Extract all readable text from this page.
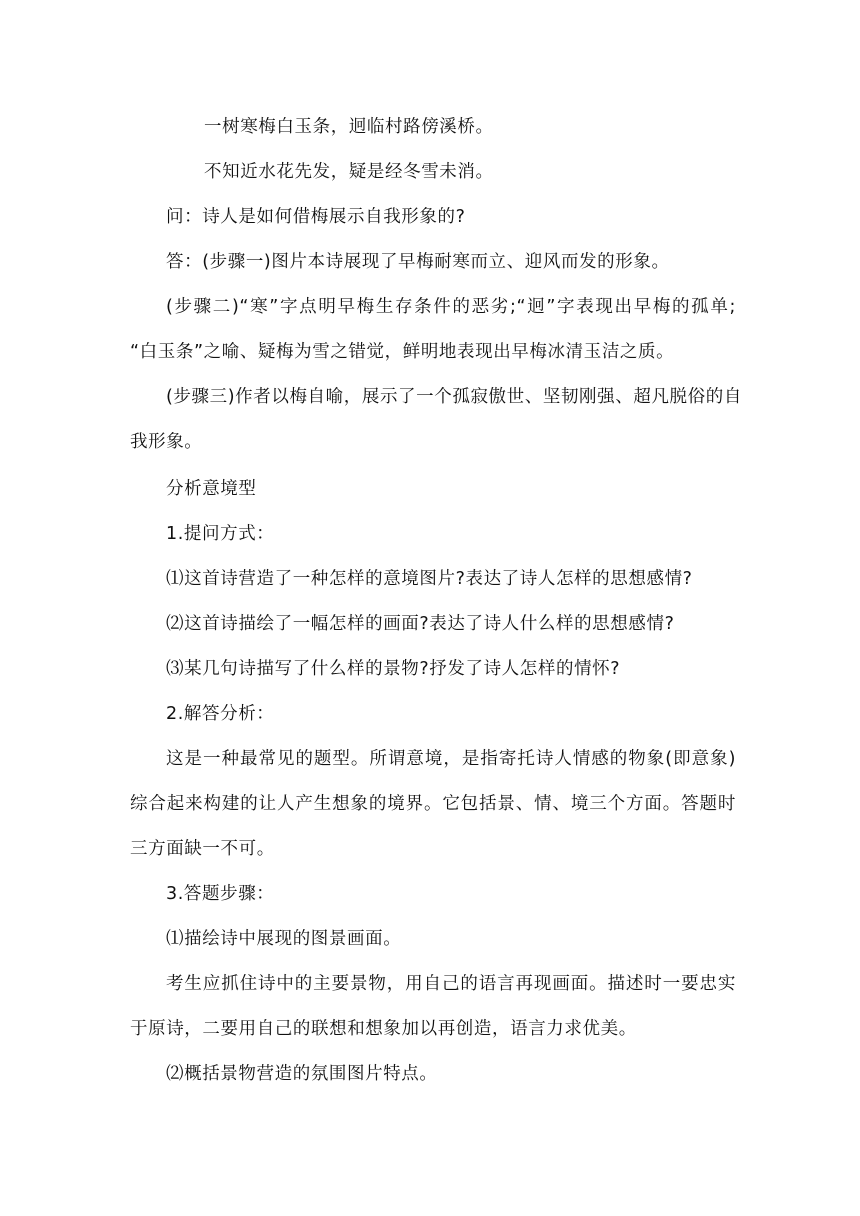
一树寒梅白玉条，迥临村路傍溪桥。
不知近水花先发，疑是经冬雪未消。
问：诗人是如何借梅展示自我形象的?
答：(步骤一)图片本诗展现了早梅耐寒而立、迎风而发的形象。
(步骤二)“寒”字点明早梅生存条件的恶劣;“迥”字表现出早梅的孤单;
“白玉条”之喻、疑梅为雪之错觉，鲜明地表现出早梅冰清玉洁之质。
(步骤三)作者以梅自喻，展示了一个孤寂傲世、坚韧刚强、超凡脱俗的自
我形象。
分析意境型
1.提问方式：
⑴这首诗营造了一种怎样的意境图片?表达了诗人怎样的思想感情?
⑵这首诗描绘了一幅怎样的画面?表达了诗人什么样的思想感情?
⑶某几句诗描写了什么样的景物?抒发了诗人怎样的情怀?
2.解答分析：
这是一种最常见的题型。所谓意境，是指寄托诗人情感的物象(即意象)
综合起来构建的让人产生想象的境界。它包括景、情、境三个方面。答题时
三方面缺一不可。
3.答题步骤：
⑴描绘诗中展现的图景画面。
考生应抓住诗中的主要景物，用自己的语言再现画面。描述时一要忠实
于原诗，二要用自己的联想和想象加以再创造，语言力求优美。
⑵概括景物营造的氛围图片特点。
